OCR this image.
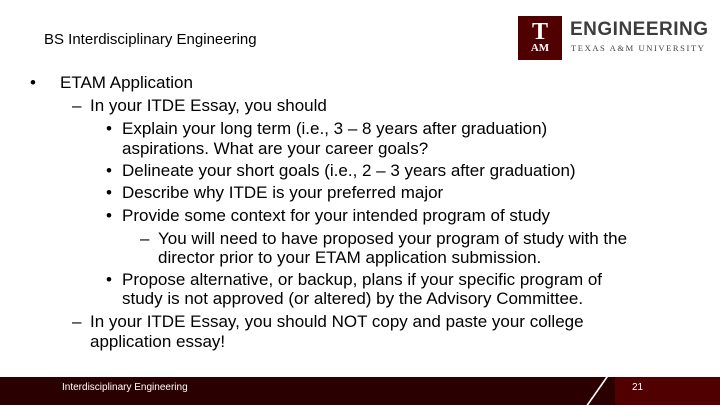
BS Interdisciplinary Engineering	T
AM
ENGINEERING
TEXAS A&M UNIVERSITY
• ETAM Application
– In your ITDE Essay, you should
• Explain your long term (i.e., 3 – 8 years after graduation)
aspirations. What are your career goals?
• Delineate your short goals (i.e., 2 – 3 years after graduation)
• Describe why ITDE is your preferred major
• Provide some context for your intended program of study
– You will need to have proposed your program of study with the
director prior to your ETAM application submission.
• Propose alternative, or backup, plans if your specific program of
study is not approved (or altered) by the Advisory Committee.
– In your ITDE Essay, you should NOT copy and paste your college
application essay!
Interdisciplinary Engineering	21
